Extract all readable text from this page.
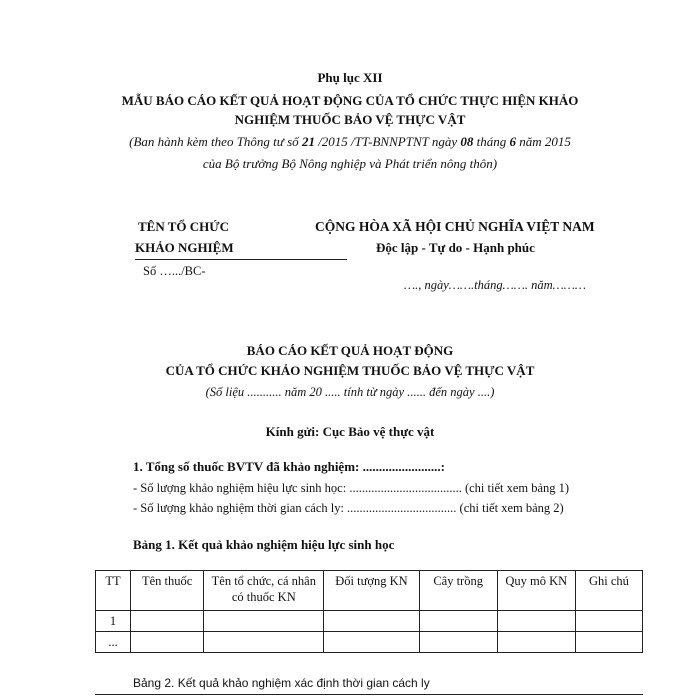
Phụ lục XII
MẪU BÁO CÁO KẾT QUẢ HOẠT ĐỘNG CỦA TỔ CHỨC THỰC HIỆN KHẢO
NGHIỆM THUỐC BẢO VỆ THỰC VẬT
(Ban hành kèm theo Thông tư số 21 /2015 /TT-BNNPTNT ngày 08 tháng 6 năm 2015
của Bộ trưởng Bộ Nông nghiệp và Phát triển nông thôn)
TÊN TỔ CHỨC
KHẢO NGHIỆM
Số ….../BC-
CỘNG HÒA XÃ HỘI CHỦ NGHĨA VIỆT NAM
Độc lập - Tự do - Hạnh phúc
…., ngày…….tháng……. năm………
BÁO CÁO KẾT QUẢ HOẠT ĐỘNG
CỦA TỔ CHỨC KHẢO NGHIỆM THUỐC BẢO VỆ THỰC VẬT
(Số liệu ........... năm 20 ..... tính từ ngày ...... đến ngày ....)
Kính gửi: Cục Bảo vệ thực vật
1. Tổng số thuốc BVTV đã khảo nghiệm: ........................:
- Số lượng khảo nghiệm hiệu lực sinh học: .................................... (chi tiết xem bảng 1)
- Số lượng khảo nghiệm thời gian cách ly: ................................... (chi tiết xem bảng 2)
Bảng 1. Kết quả khảo nghiệm hiệu lực sinh học
TT	Tên thuốc	Tên tổ chức, cá nhân có thuốc KN	Đối tượng KN	Cây trồng	Quy mô KN	Ghi chú
1						
...						
Bảng 2. Kết quả khảo nghiệm xác định thời gian cách ly
